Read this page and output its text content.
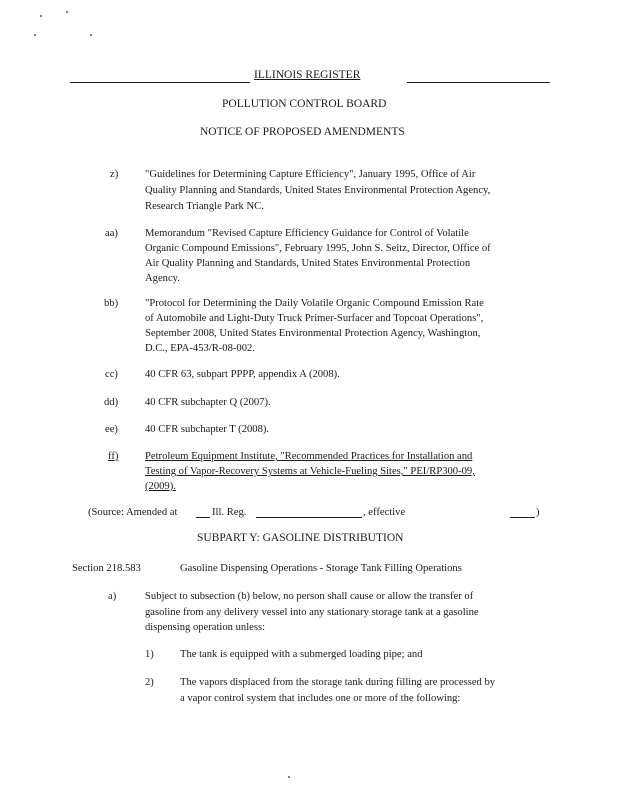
ILLINOIS REGISTER
POLLUTION CONTROL BOARD
NOTICE OF PROPOSED AMENDMENTS
z)	"Guidelines for Determining Capture Efficiency", January 1995, Office of Air
Quality Planning and Standards, United States Environmental Protection Agency,
Research Triangle Park NC.
aa)	Memorandum "Revised Capture Efficiency Guidance for Control of Volatile
Organic Compound Emissions", February 1995, John S. Seitz, Director, Office of
Air Quality Planning and Standards, United States Environmental Protection
Agency.
bb)	"Protocol for Determining the Daily Volatile Organic Compound Emission Rate
of Automobile and Light-Duty Truck Primer-Surfacer and Topcoat Operations",
September 2008, United States Environmental Protection Agency, Washington,
D.C., EPA-453/R-08-002.
cc)	40 CFR 63, subpart PPPP, appendix A (2008).
dd)	40 CFR subchapter Q (2007).
ee)	40 CFR subchapter T (2008).
ff)	Petroleum Equipment Institute, "Recommended Practices for Installation and
Testing of Vapor-Recovery Systems at Vehicle-Fueling Sites," PEI/RP300-09,
(2009).
(Source: Amended at	Ill. Reg.	, effective	)
SUBPART Y: GASOLINE DISTRIBUTION
Section 218.583	Gasoline Dispensing Operations - Storage Tank Filling Operations
a)	Subject to subsection (b) below, no person shall cause or allow the transfer of
gasoline from any delivery vessel into any stationary storage tank at a gasoline
dispensing operation unless:
1) The tank is equipped with a submerged loading pipe; and
2) The vapors displaced from the storage tank during filling are processed by
a vapor control system that includes one or more of the following:
